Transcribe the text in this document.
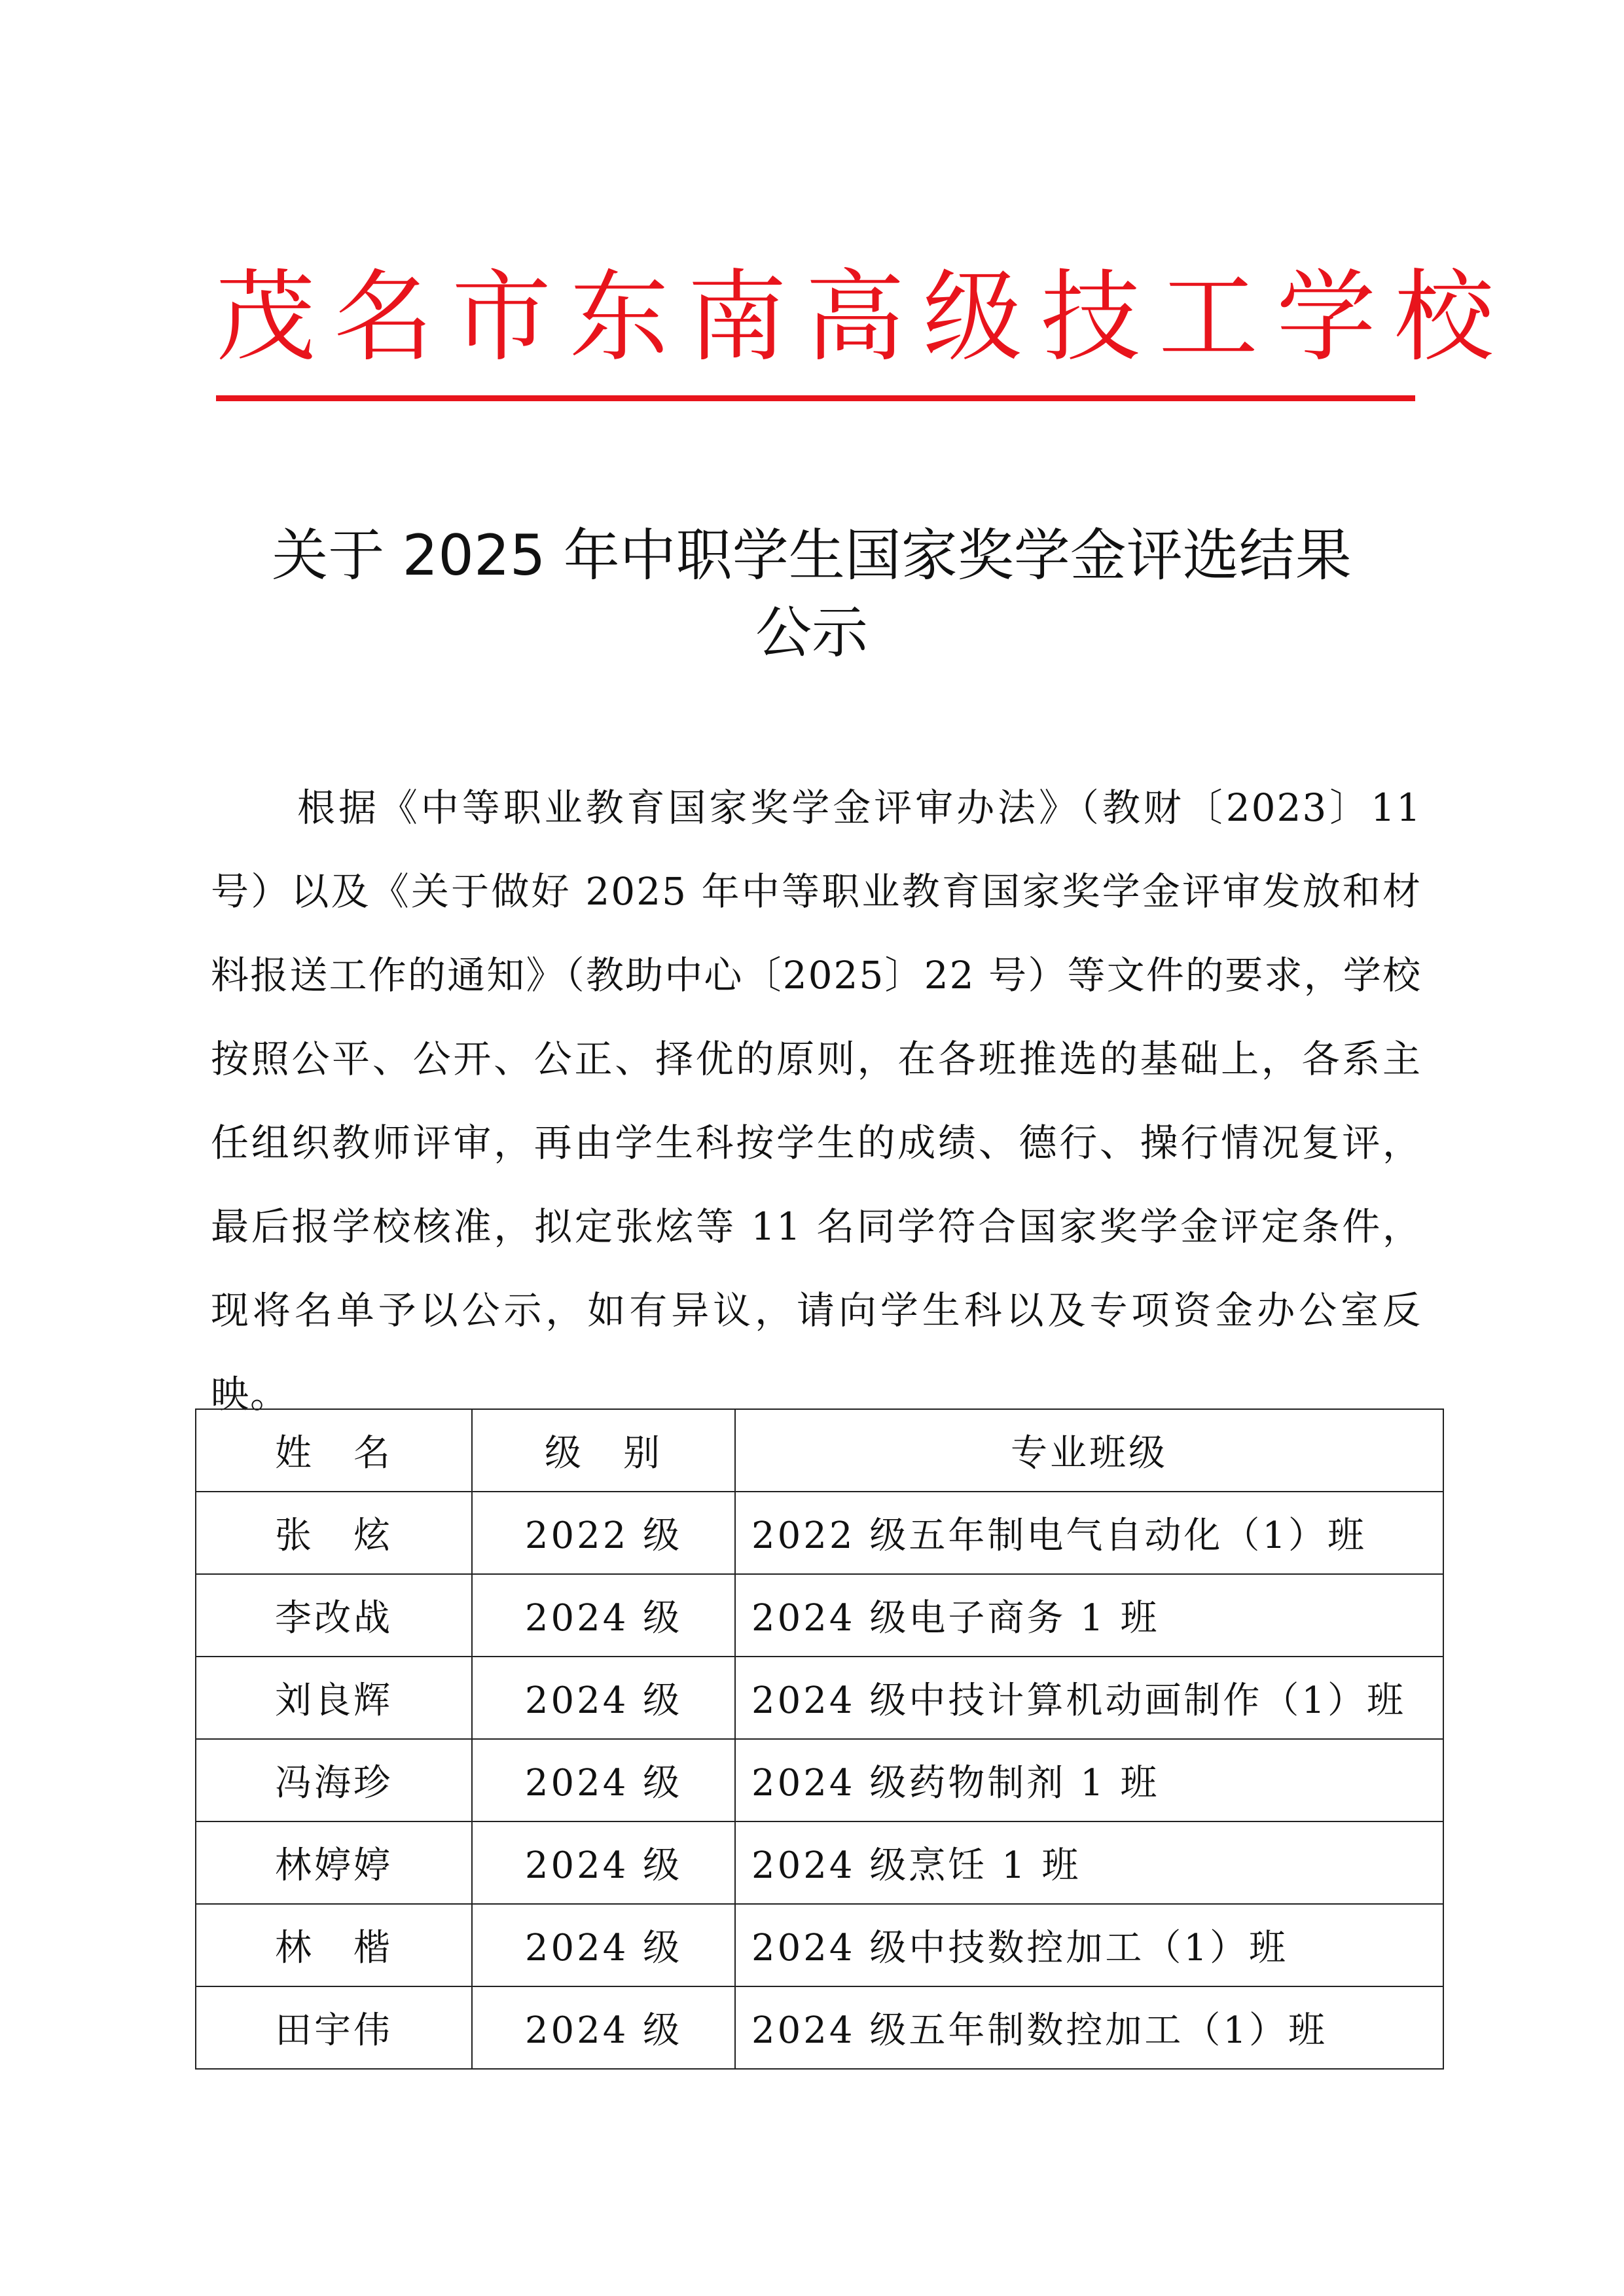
茂名市东南高级技工学校
关于 2025 年中职学生国家奖学金评选结果
公示

根据《中等职业教育国家奖学金评审办法》（教财〔2023〕11 号）以及《关于做好 2025 年中等职业教育国家奖学金评审发放和材料报送工作的通知》（教助中心〔2025〕22 号）等文件的要求，学校按照公平、公开、公正、择优的原则，在各班推选的基础上，各系主任组织教师评审，再由学生科按学生的成绩、德行、操行情况复评，最后报学校核准，拟定张炫等 11 名同学符合国家奖学金评定条件，现将名单予以公示，如有异议，请向学生科以及专项资金办公室反映。

姓　名	级　别	专业班级
张　炫	2022 级	2022 级五年制电气自动化（1）班
李改战	2024 级	2024 级电子商务 1 班
刘良辉	2024 级	2024 级中技计算机动画制作（1）班
冯海珍	2024 级	2024 级药物制剂 1 班
林婷婷	2024 级	2024 级烹饪 1 班
林　楷	2024 级	2024 级中技数控加工（1）班
田宇伟	2024 级	2024 级五年制数控加工（1）班
